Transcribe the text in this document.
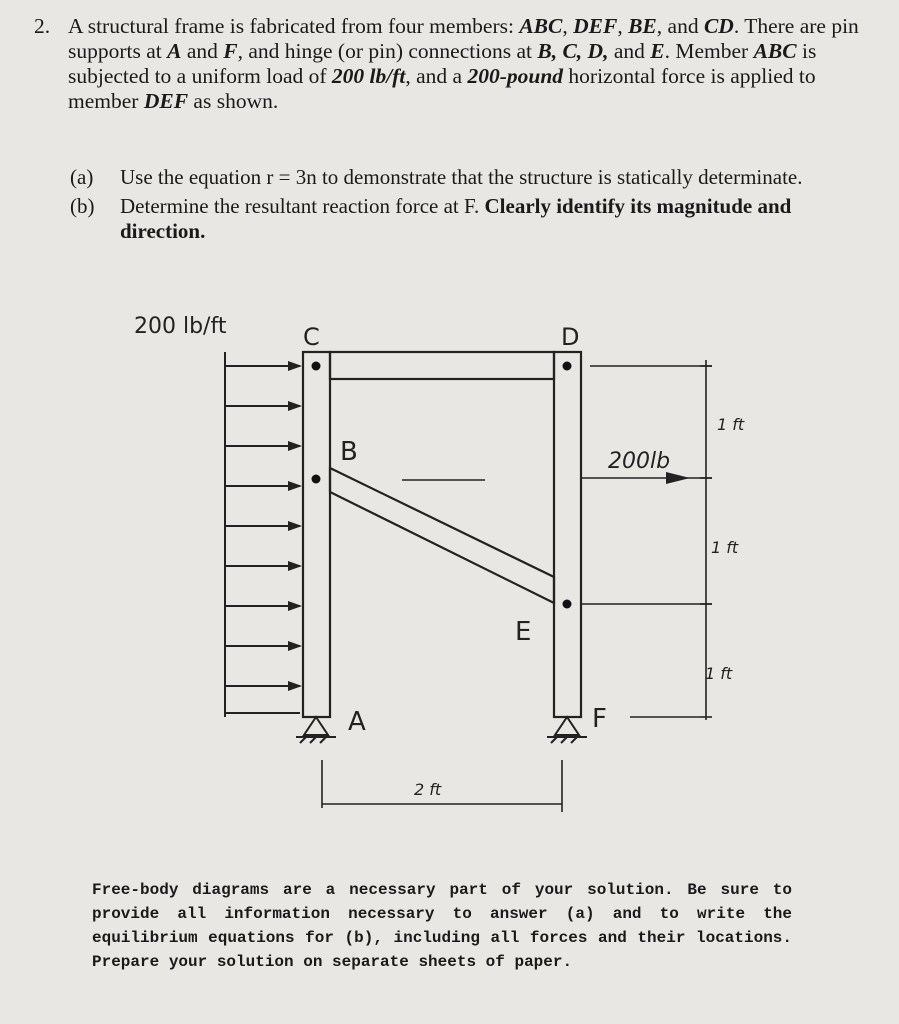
2. A structural frame is fabricated from four members: ABC, DEF, BE, and CD. There are pin supports at A and F, and hinge (or pin) connections at B, C, D, and E. Member ABC is subjected to a uniform load of 200 lb/ft, and a 200-pound horizontal force is applied to member DEF as shown.
(a) Use the equation r = 3n to demonstrate that the structure is statically determinate.
(b) Determine the resultant reaction force at F. Clearly identify its magnitude and direction.
200 lb/ft	C	D
B
E
A	F
200lb
1 ft
1 ft
1 ft
2 ft
Free-body diagrams are a necessary part of your solution. Be sure to provide all information necessary to answer (a) and to write the equilibrium equations for (b), including all forces and their locations. Prepare your solution on separate sheets of paper.
